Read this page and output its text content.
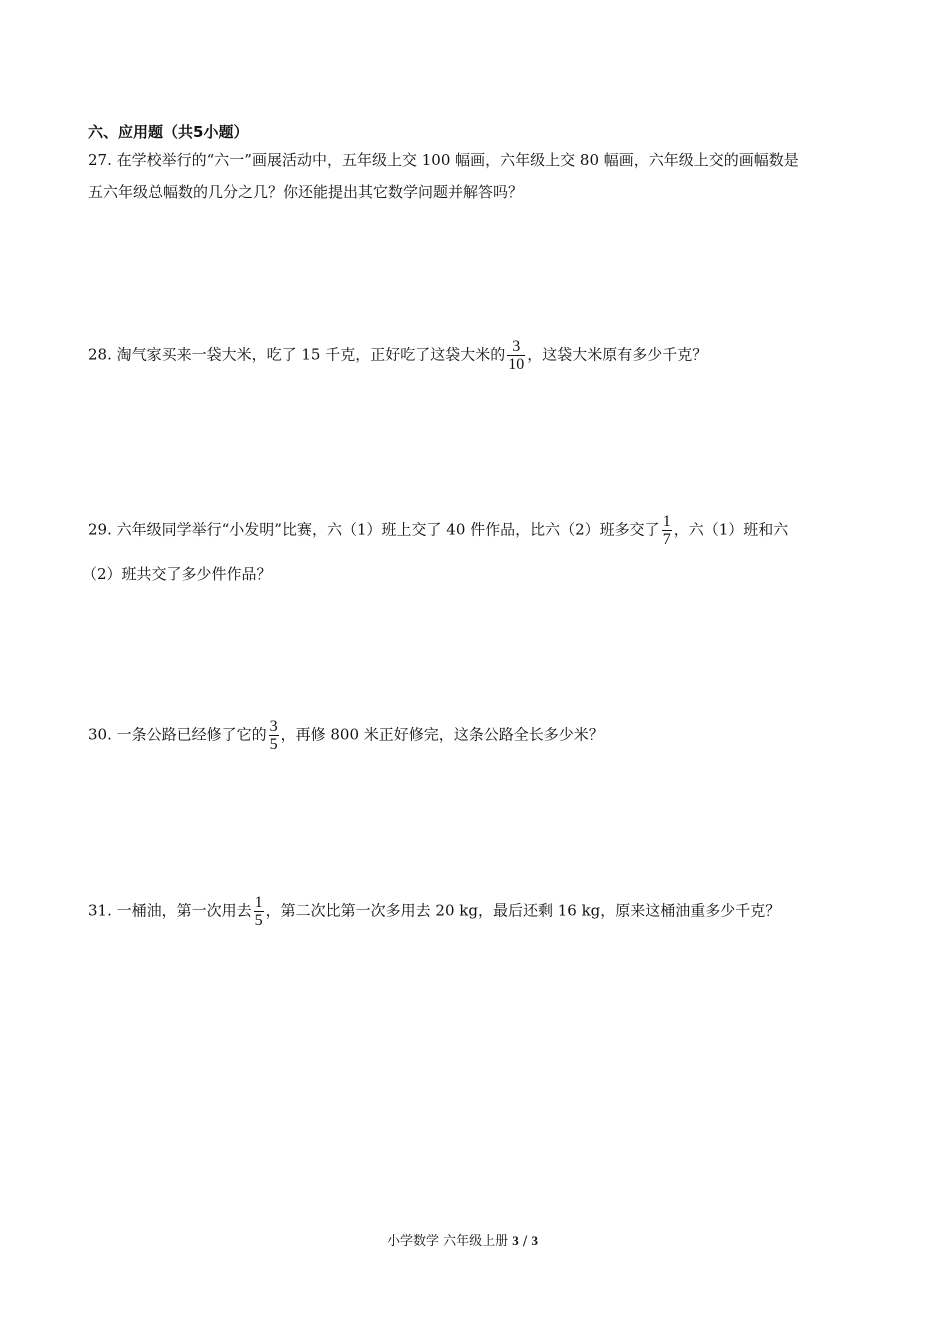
六、应用题（共5小题）
27. 在学校举行的“六一”画展活动中，五年级上交 100 幅画，六年级上交 80 幅画，六年级上交的画幅数是
五六年级总幅数的几分之几？你还能提出其它数学问题并解答吗？
28. 淘气家买来一袋大米，吃了 15 千克，正好吃了这袋大米的 $\frac{3}{10}$ ，这袋大米原有多少千克？
29. 六年级同学举行“小发明”比赛，六（1）班上交了 40 件作品，比六（2）班多交了 $\frac{1}{7}$ ，六（1）班和六
（2）班共交了多少件作品？
30. 一条公路已经修了它的 $\frac{3}{5}$ ，再修 800 米正好修完，这条公路全长多少米？
31. 一桶油，第一次用去 $\frac{1}{5}$ ，第二次比第一次多用去 20 kg，最后还剩 16 kg，原来这桶油重多少千克？
小学数学 六年级上册 3 / 3
